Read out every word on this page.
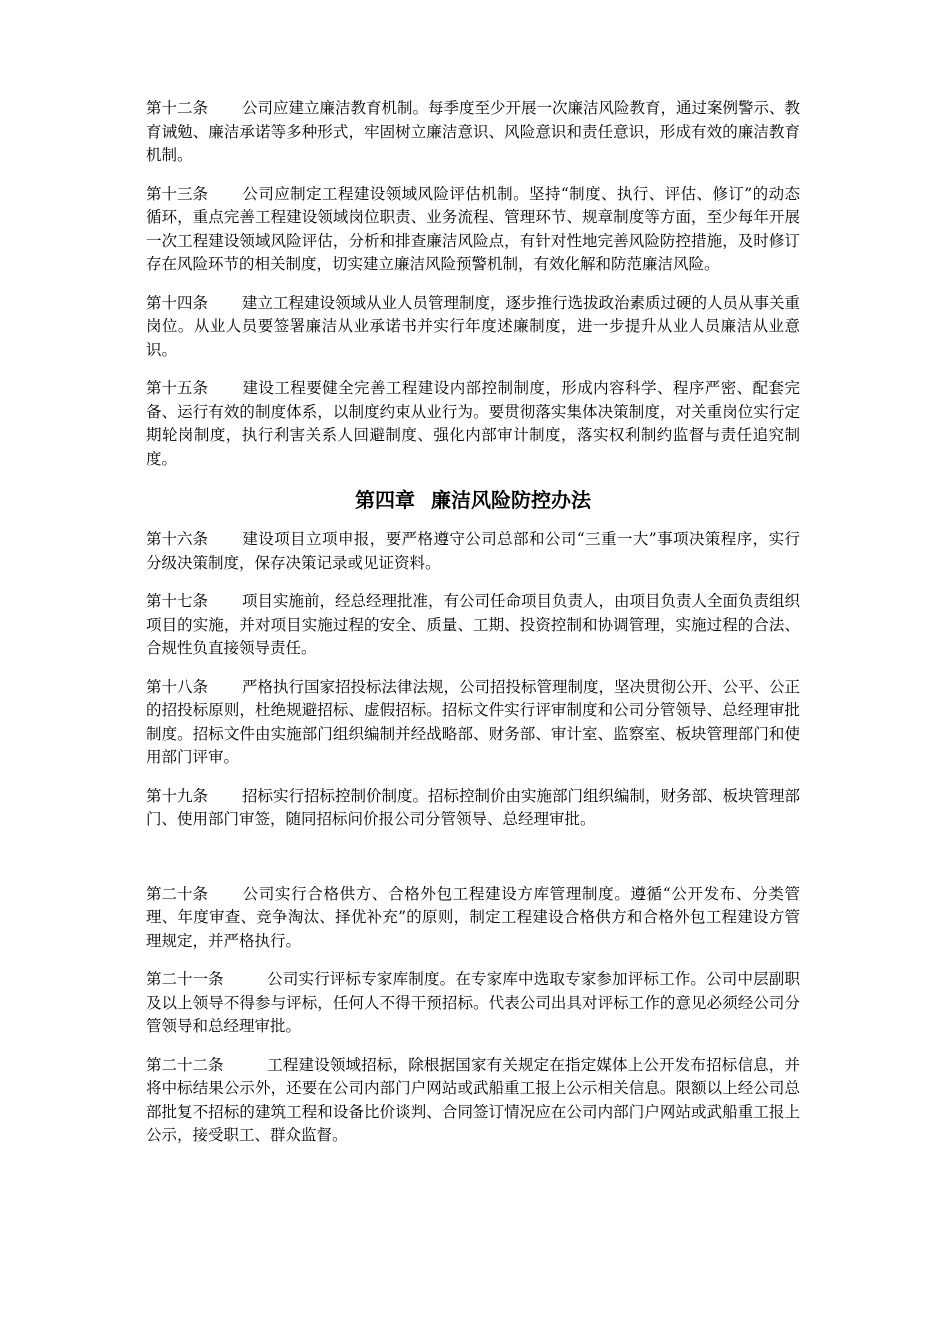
第十二条 公司应建立廉洁教育机制。每季度至少开展一次廉洁风险教育，通过案例警示、教育诫勉、廉洁承诺等多种形式，牢固树立廉洁意识、风险意识和责任意识，形成有效的廉洁教育机制。

第十三条 公司应制定工程建设领域风险评估机制。坚持“制度、执行、评估、修订”的动态循环，重点完善工程建设领域岗位职责、业务流程、管理环节、规章制度等方面，至少每年开展一次工程建设领域风险评估，分析和排查廉洁风险点，有针对性地完善风险防控措施，及时修订存在风险环节的相关制度，切实建立廉洁风险预警机制，有效化解和防范廉洁风险。

第十四条 建立工程建设领域从业人员管理制度，逐步推行选拔政治素质过硬的人员从事关重岗位。从业人员要签署廉洁从业承诺书并实行年度述廉制度，进一步提升从业人员廉洁从业意识。

第十五条 建设工程要健全完善工程建设内部控制制度，形成内容科学、程序严密、配套完备、运行有效的制度体系，以制度约束从业行为。要贯彻落实集体决策制度，对关重岗位实行定期轮岗制度，执行利害关系人回避制度、强化内部审计制度，落实权利制约监督与责任追究制度。

第四章 廉洁风险防控办法

第十六条 建设项目立项申报，要严格遵守公司总部和公司“三重一大”事项决策程序，实行分级决策制度，保存决策记录或见证资料。

第十七条 项目实施前，经总经理批准，有公司任命项目负责人，由项目负责人全面负责组织项目的实施，并对项目实施过程的安全、质量、工期、投资控制和协调管理，实施过程的合法、合规性负直接领导责任。

第十八条 严格执行国家招投标法律法规，公司招投标管理制度，坚决贯彻公开、公平、公正的招投标原则，杜绝规避招标、虚假招标。招标文件实行评审制度和公司分管领导、总经理审批制度。招标文件由实施部门组织编制并经战略部、财务部、审计室、监察室、板块管理部门和使用部门评审。

第十九条 招标实行招标控制价制度。招标控制价由实施部门组织编制，财务部、板块管理部门、使用部门审签，随同招标问价报公司分管领导、总经理审批。

第二十条 公司实行合格供方、合格外包工程建设方库管理制度。遵循“公开发布、分类管理、年度审查、竞争淘汰、择优补充”的原则，制定工程建设合格供方和合格外包工程建设方管理规定，并严格执行。

第二十一条	公司实行评标专家库制度。在专家库中选取专家参加评标工作。公司中层副职及以上领导不得参与评标，任何人不得干预招标。代表公司出具对评标工作的意见必须经公司分管领导和总经理审批。

第二十二条	工程建设领域招标，除根据国家有关规定在指定媒体上公开发布招标信息，并将中标结果公示外，还要在公司内部门户网站或武船重工报上公示相关信息。限额以上经公司总部批复不招标的建筑工程和设备比价谈判、合同签订情况应在公司内部门户网站或武船重工报上公示，接受职工、群众监督。
